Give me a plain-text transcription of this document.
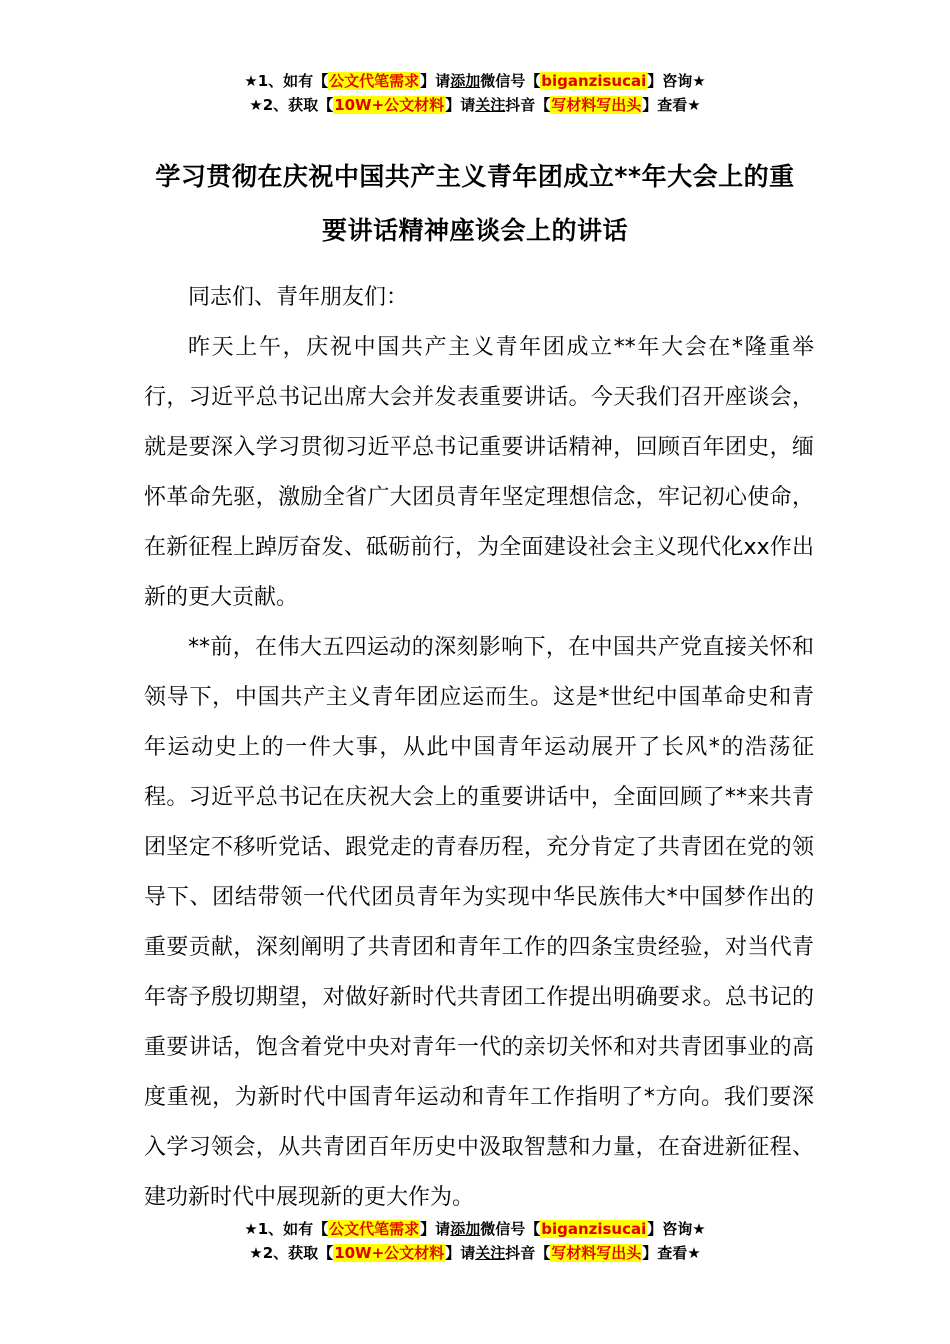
★1、如有【公文代笔需求】请添加微信号【biganzisucai】咨询★
★2、获取【10W+公文材料】请关注抖音【写材料写出头】查看★
学习贯彻在庆祝中国共产主义青年团成立**年大会上的重
要讲话精神座谈会上的讲话

同志们、青年朋友们：

昨天上午，庆祝中国共产主义青年团成立**年大会在*隆重举行，习近平总书记出席大会并发表重要讲话。今天我们召开座谈会，就是要深入学习贯彻习近平总书记重要讲话精神，回顾百年团史，缅怀革命先驱，激励全省广大团员青年坚定理想信念，牢记初心使命，在新征程上踔厉奋发、砥砺前行，为全面建设社会主义现代化xx作出新的更大贡献。

**前，在伟大五四运动的深刻影响下，在中国共产党直接关怀和领导下，中国共产主义青年团应运而生。这是*世纪中国革命史和青年运动史上的一件大事，从此中国青年运动展开了长风*的浩荡征程。习近平总书记在庆祝大会上的重要讲话中，全面回顾了**来共青团坚定不移听党话、跟党走的青春历程，充分肯定了共青团在党的领导下、团结带领一代代团员青年为实现中华民族伟大*中国梦作出的重要贡献，深刻阐明了共青团和青年工作的四条宝贵经验，对当代青年寄予殷切期望，对做好新时代共青团工作提出明确要求。总书记的重要讲话，饱含着党中央对青年一代的亲切关怀和对共青团事业的高度重视，为新时代中国青年运动和青年工作指明了*方向。我们要深入学习领会，从共青团百年历史中汲取智慧和力量，在奋进新征程、建功新时代中展现新的更大作为。

★1、如有【公文代笔需求】请添加微信号【biganzisucai】咨询★
★2、获取【10W+公文材料】请关注抖音【写材料写出头】查看★
